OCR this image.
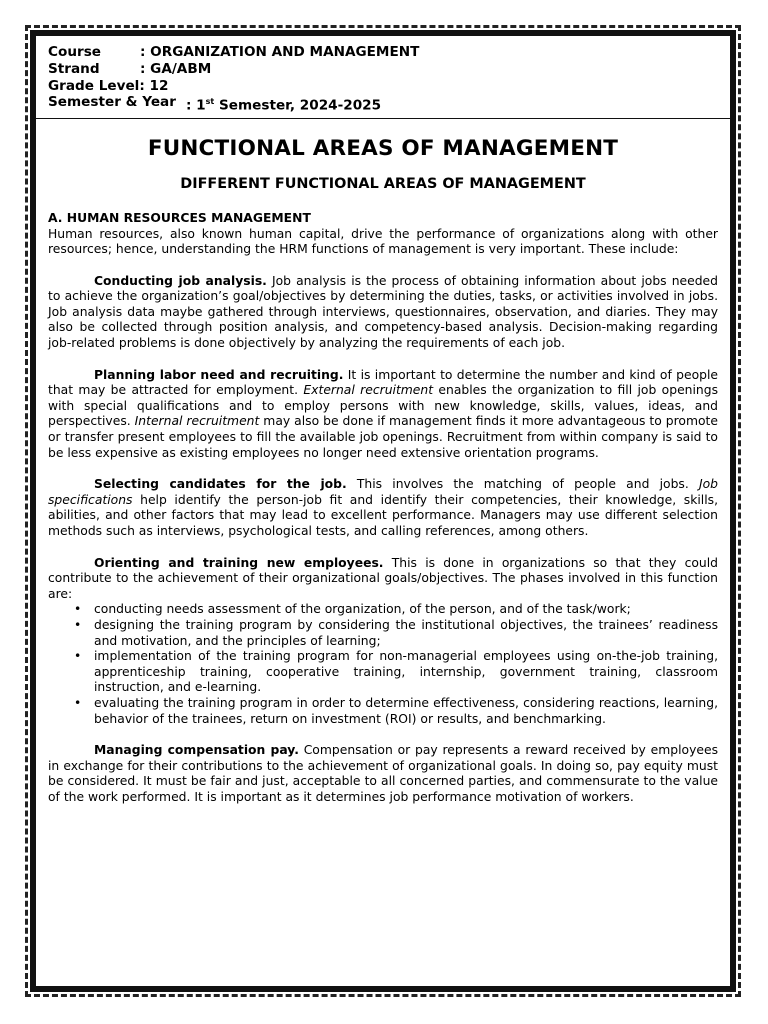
Course	: ORGANIZATION AND MANAGEMENT
Strand	: GA/ABM
Grade Level : 12
Semester & Year : 1st Semester, 2024-2025
FUNCTIONAL AREAS OF MANAGEMENT
DIFFERENT FUNCTIONAL AREAS OF MANAGEMENT
A. HUMAN RESOURCES MANAGEMENT

Human resources, also known human capital, drive the performance of organizations along with other resources; hence, understanding the HRM functions of management is very important. These include:

Conducting job analysis. Job analysis is the process of obtaining information about jobs needed to achieve the organization’s goal/objectives by determining the duties, tasks, or activities involved in jobs. Job analysis data maybe gathered through interviews, questionnaires, observation, and diaries. They may also be collected through position analysis, and competency-based analysis. Decision-making regarding job-related problems is done objectively by analyzing the requirements of each job.

Planning labor need and recruiting. It is important to determine the number and kind of people that may be attracted for employment. External recruitment enables the organization to fill job openings with special qualifications and to employ persons with new knowledge, skills, values, ideas, and perspectives. Internal recruitment may also be done if management finds it more advantageous to promote or transfer present employees to fill the available job openings. Recruitment from within company is said to be less expensive as existing employees no longer need extensive orientation programs.

Selecting candidates for the job. This involves the matching of people and jobs. Job specifications help identify the person-job fit and identify their competencies, their knowledge, skills, abilities, and other factors that may lead to excellent performance. Managers may use different selection methods such as interviews, psychological tests, and calling references, among others.

Orienting and training new employees. This is done in organizations so that they could contribute to the achievement of their organizational goals/objectives. The phases involved in this function are:

• conducting needs assessment of the organization, of the person, and of the task/work;
• designing the training program by considering the institutional objectives, the trainees’ readiness and motivation, and the principles of learning;
• implementation of the training program for non-managerial employees using on-the-job training, apprenticeship training, cooperative training, internship, government training, classroom instruction, and e-learning.
• evaluating the training program in order to determine effectiveness, considering reactions, learning, behavior of the trainees, return on investment (ROI) or results, and benchmarking.

Managing compensation pay. Compensation or pay represents a reward received by employees in exchange for their contributions to the achievement of organizational goals. In doing so, pay equity must be considered. It must be fair and just, acceptable to all concerned parties, and commensurate to the value of the work performed. It is important as it determines job performance motivation of workers.
